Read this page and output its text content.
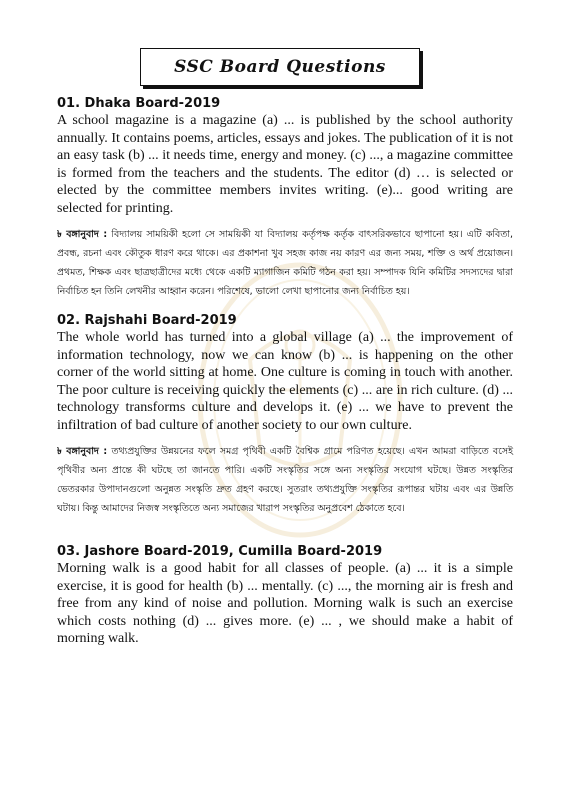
SSC Board Questions
01. Dhaka Board-2019

A school magazine is a magazine (a) ... is published by the school authority annually. It contains poems, articles, essays and jokes. The publication of it is not an easy task (b) ... it needs time, energy and money. (c) ..., a magazine committee is formed from the teachers and the students. The editor (d) … is selected or elected by the committee members invites writing. (e)... good writing are selected for printing.

৳ বঙ্গানুবাদ : বিদ্যালয় সাময়িকী হলো সে সাময়িকী যা বিদ্যালয় কর্তৃপক্ষ কর্তৃক বাৎসরিকভাবে ছাপানো হয়। এটি কবিতা, প্রবন্ধ, রচনা এবং কৌতুক ধারণ করে থাকে। এর প্রকাশনা খুব সহজ কাজ নয় কারণ এর জন্য সময়, শক্তি ও অর্থ প্রয়োজন। প্রথমত, শিক্ষক এবং ছাত্রছাত্রীদের মধ্যে থেকে একটি ম্যাগাজিন কমিটি গঠন করা হয়। সম্পাদক যিনি কমিটির সদস্যদের দ্বারা নির্বাচিত হন তিনি লেখনীর আহ্বান করেন। পরিশেষে, ভালো লেখা ছাপানোর জন্য নির্বাচিত হয়।

02. Rajshahi Board-2019

The whole world has turned into a global village (a) ... the improvement of information technology, now we can know (b) ... is happening on the other corner of the world sitting at home. One culture is coming in touch with another. The poor culture is receiving quickly the elements (c) ... are in rich culture. (d) ... technology transforms culture and develops it. (e) ... we have to prevent the infiltration of bad culture of another society to our own culture.

৳ বঙ্গানুবাদ : তথ্যপ্রযুক্তির উন্নয়নের ফলে সমগ্র পৃথিবী একটি বৈশ্বিক গ্রামে পরিণত হয়েছে। এখন আমরা বাড়িতে বসেই পৃথিবীর অন্য প্রান্তে কী ঘটছে তা জানতে পারি। একটি সংস্কৃতির সঙ্গে অন্য সংস্কৃতির সংযোগ ঘটছে। উন্নত সংস্কৃতির ভেতরকার উপাদানগুলো অনুন্নত সংস্কৃতি দ্রুত গ্রহণ করছে। সুতরাং তথ্যপ্রযুক্তি সংস্কৃতির রূপান্তর ঘটায় এবং এর উন্নতি ঘটায়। কিন্তু আমাদের নিজস্ব সংস্কৃতিতে অন্য সমাজের খারাপ সংস্কৃতির অনুপ্রবেশ ঠেকাতে হবে।

03. Jashore Board-2019, Cumilla Board-2019

Morning walk is a good habit for all classes of people. (a) ... it is a simple exercise, it is good for health (b) ... mentally. (c) ..., the morning air is fresh and free from any kind of noise and pollution. Morning walk is such an exercise which costs nothing (d) ... gives more. (e) ... , we should make a habit of morning walk.
